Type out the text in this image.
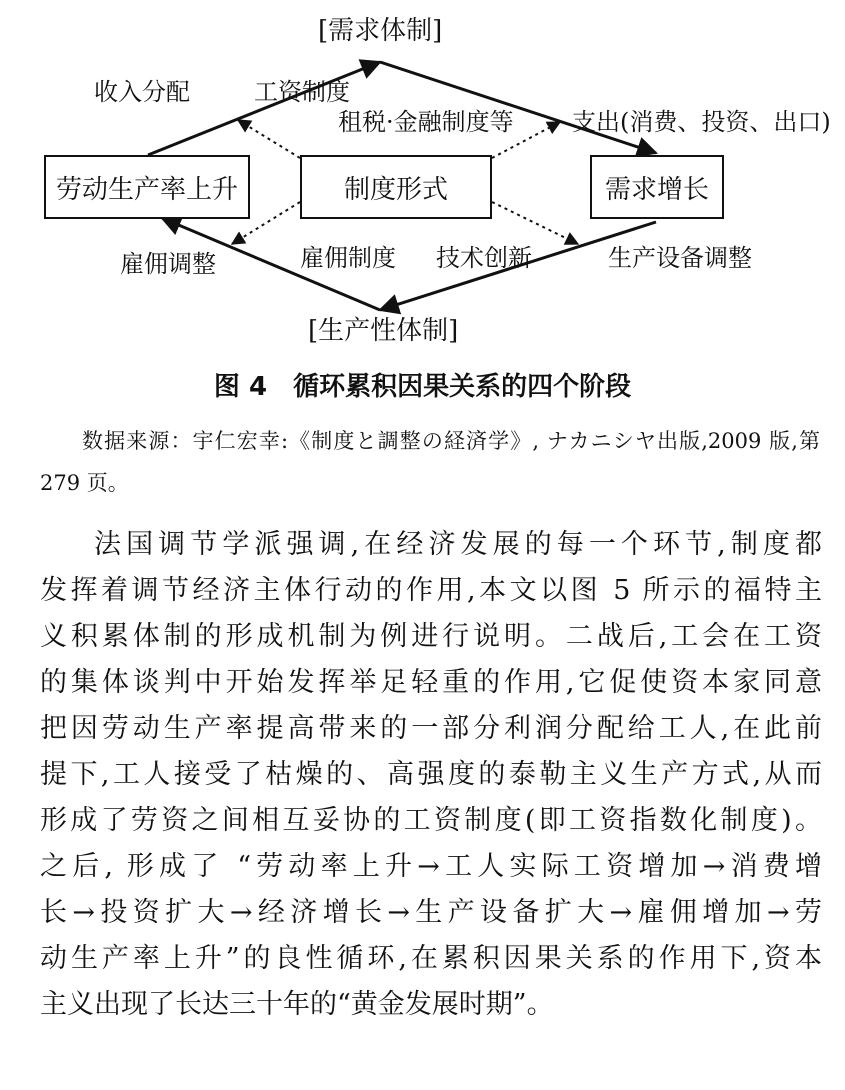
[需求体制]
[生产性体制]
劳动生产率上升	制度形式	需求增长
收入分配	工资制度
租税·金融制度等 支出(消费、投资、出口)
雇佣调整	雇佣制度 技术创新	生产设备调整
图 4 循环累积因果关系的四个阶段
数据来源：宇仁宏幸:《制度と調整の経済学》, ナカニシヤ出版,2009 版,第 279 页。
法国调节学派强调,在经济发展的每一个环节,制度都
发挥着调节经济主体行动的作用,本文以图 5 所示的福特主
义积累体制的形成机制为例进行说明。二战后,工会在工资
的集体谈判中开始发挥举足轻重的作用,它促使资本家同意
把因劳动生产率提高带来的一部分利润分配给工人,在此前
提下,工人接受了枯燥的、高强度的泰勒主义生产方式,从而
形成了劳资之间相互妥协的工资制度(即工资指数化制度)。
之后, 形成了 “劳动率上升→工人实际工资增加→消费增
长→投资扩大→经济增长→生产设备扩大→雇佣增加→劳
动生产率上升”的良性循环,在累积因果关系的作用下,资本
主义出现了长达三十年的“黄金发展时期”。
